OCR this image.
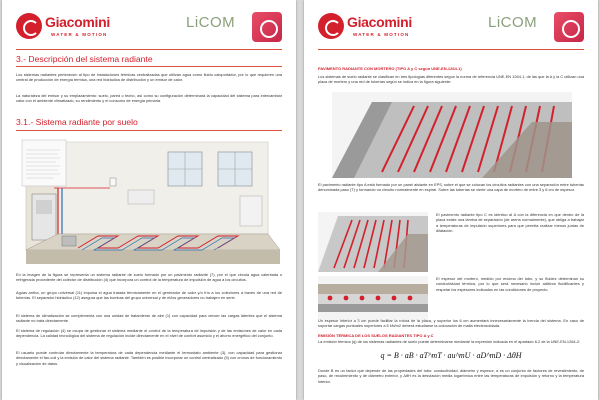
Giacomini
WATER & MOTION
LiCOM
3.- Descripción del sistema radiante

Los sistemas radiantes pertenecen al tipo de instalaciones térmicas centralizadas que utilizan agua como fluido caloportador, por lo que requieren una central de producción de energía térmica, una red hidráulica de distribución y un emisor de calor.

La naturaleza del emisor y su emplazamiento: suelo, pared o techo, así como su configuración determinará la capacidad del sistema para intercambiar calor con el ambiente climatizado, su rendimiento y el consumo de energía primaria.

3.1.- Sistema radiante por suelo

En la imagen de la figura se representa un sistema radiante de suelo formado por un pavimento radiante (7), por el que circula agua calentada o refrigerada procedente del colector de distribución (4) que incorpora un control de la temperatura de impulsión de agua a los circuitos.

Aguas arriba, un grupo universal (11) impulsa el agua tratada térmicamente en el generador de calor y/o frío a los colectores a través de una red de tuberías. El separador hidráulico (12) asegura que las bombas del grupo universal y de el/los generadores no trabajen en serie.

El sistema de climatización se complementa con una unidad de tratamiento de aire (1) con capacidad para vencer las cargas latentes que el sistema radiante no trata directamente.

El sistema de regulación (4) se ocupa de gestionar el sistema mediante el control de la temperatura de impulsión y de las emisiones de calor en cada dependencia. La calidad tecnológica del sistema de regulación incide directamente en el nivel de confort asumido y el ahorro energético del conjunto.

El usuario puede controlar directamente la temperatura de cada dependencia mediante el termostato ambiente (3), con capacidad para gestionar directamente el fan-coil y la emisión de calor del sistema radiante. También es posible incorporar un control centralizado (5) con cronos de funcionamiento y visualización de datos.

Giacomini
WATER & MOTION
LiCOM
PAVIMENTO RADIANTE CON MORTERO (TIPO A y C según UNE-EN-1264-1)

Los sistemas de suelo radiante se clasifican en tres tipologías diferentes según la norma de referencia UNE-EN 1264-1, de las que la A y la C utilizan una placa de mortero y una red de tuberías según se indica en la figura siguiente:

El pavimento radiante tipo A está formado por un panel aislante en EPS, sobre el que se colocan los circuitos radiantes con una separación entre tuberías denominada paso (T) y formando un circuito normalmente en espiral. Sobre las tuberías se vierte una capa de mortero de entre 3 y 6 cm de espesor.

El pavimento radiante tipo C es idéntico al A con la diferencia en que dentro de la placa existe una lámina de separación (de arena normalmente), que obliga a trabajar a temperaturas de impulsión superiores para que permita realizar menos juntas de dilatación.

El espesor del mortero, medido por encima del tubo, y su fluidez determinan su conductividad térmica, por lo que será necesario incluir aditivos fluidificantes y respetar los espesores indicados en las condiciones de proyecto.

Un espesor inferior a 3 cm puede facilitar la rotura de la placa, y superior los 6 cm aumentará innecesariamente la inercia del sistema. En caso de soportar cargas puntuales superiores a 5 kN/m2 deberá estudiarse la colocación de malla electrosoldada.

EMISIÓN TÉRMICA DE LOS SUELOS RADIANTES TIPO A y C

La emisión térmica (q) de los sistemas radiantes de suelo puede determinarse mediante la expresión indicada en el apartado 6.2 de la UNE-EN-1264-2:

q = B · aB · aT^mT · au^mU · aD^mD · ΔθH

Donde B es un factor que depende de las propiedades del tubo: conductividad, diámetro y espesor, a es un conjunto de factores de revestimiento, de paso, de recubrimiento y de diámetro exterior, y ΔθH es la desviación media logarítmica entre las temperaturas de impulsión y retorno y la temperatura interior.
